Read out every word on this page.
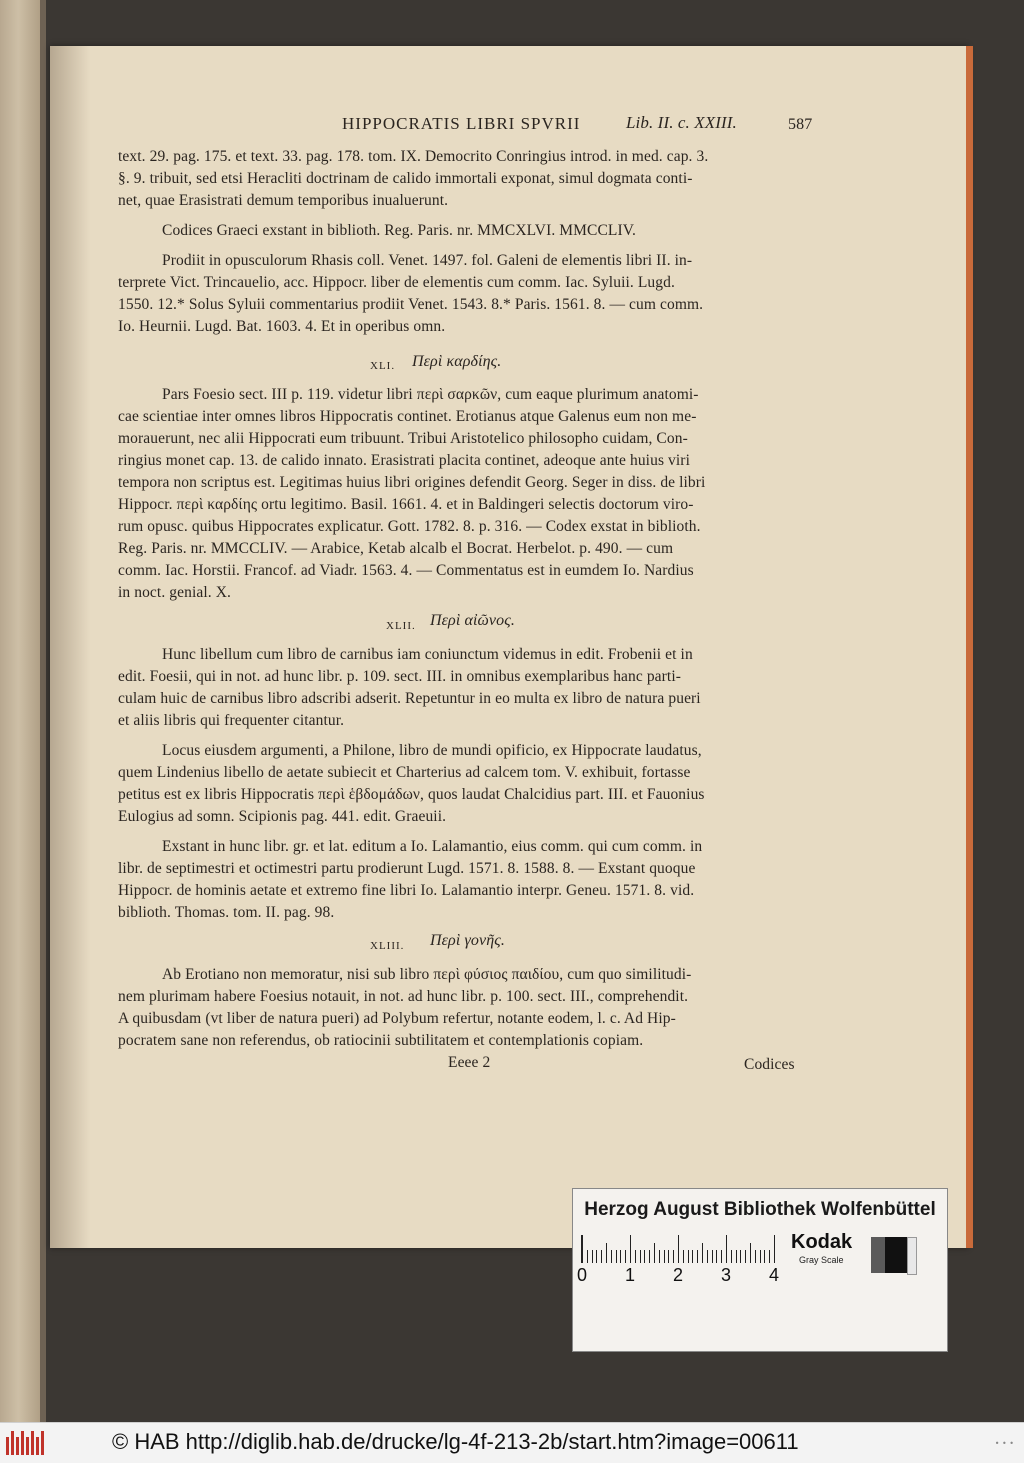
HIPPOCRATIS LIBRI SPVRII	Lib. II. c. XXIII.	587
text. 29. pag. 175. et text. 33. pag. 178. tom. IX. Democrito Conringius introd. in med. cap. 3.
§. 9. tribuit, sed etsi Heracliti doctrinam de calido immortali exponat, simul dogmata conti-
net, quae Erasistrati demum temporibus inualuerunt.
Codices Graeci exstant in biblioth. Reg. Paris. nr. MMCXLVI. MMCCLIV.
Prodiit in opusculorum Rhasis coll. Venet. 1497. fol. Galeni de elementis libri II. in-
terprete Vict. Trincauelio, acc. Hippocr. liber de elementis cum comm. Iac. Syluii. Lugd.
1550. 12.* Solus Syluii commentarius prodiit Venet. 1543. 8.* Paris. 1561. 8. — cum comm.
Io. Heurnii. Lugd. Bat. 1603. 4. Et in operibus omn.
XLI. Περὶ καρδίης.
Pars Foesio sect. III p. 119. videtur libri περὶ σαρκῶν, cum eaque plurimum anatomi-
cae scientiae inter omnes libros Hippocratis continet. Erotianus atque Galenus eum non me-
morauerunt, nec alii Hippocrati eum tribuunt. Tribui Aristotelico philosopho cuidam, Con-
ringius monet cap. 13. de calido innato. Erasistrati placita continet, adeoque ante huius viri
tempora non scriptus est. Legitimas huius libri origines defendit Georg. Seger in diss. de libri
Hippocr. περὶ καρδίης ortu legitimo. Basil. 1661. 4. et in Baldingeri selectis doctorum viro-
rum opusc. quibus Hippocrates explicatur. Gott. 1782. 8. p. 316. — Codex exstat in biblioth.
Reg. Paris. nr. MMCCLIV. — Arabice, Ketab alcalb el Bocrat. Herbelot. p. 490. — cum
comm. Iac. Horstii. Francof. ad Viadr. 1563. 4. — Commentatus est in eumdem Io. Nardius
in noct. genial. X.
XLII. Περὶ αἰῶνος.
Hunc libellum cum libro de carnibus iam coniunctum videmus in edit. Frobenii et in
edit. Foesii, qui in not. ad hunc libr. p. 109. sect. III. in omnibus exemplaribus hanc parti-
culam huic de carnibus libro adscribi adserit. Repetuntur in eo multa ex libro de natura pueri
et aliis libris qui frequenter citantur.
Locus eiusdem argumenti, a Philone, libro de mundi opificio, ex Hippocrate laudatus,
quem Lindenius libello de aetate subiecit et Charterius ad calcem tom. V. exhibuit, fortasse
petitus est ex libris Hippocratis περὶ ἑβδομάδων, quos laudat Chalcidius part. III. et Fauonius
Eulogius ad somn. Scipionis pag. 441. edit. Graeuii.
Exstant in hunc libr. gr. et lat. editum a Io. Lalamantio, eius comm. qui cum comm. in
libr. de septimestri et octimestri partu prodierunt Lugd. 1571. 8. 1588. 8. — Exstant quoque
Hippocr. de hominis aetate et extremo fine libri Io. Lalamantio interpr. Geneu. 1571. 8. vid.
biblioth. Thomas. tom. II. pag. 98.
XLIII. Περὶ γονῆς.
Ab Erotiano non memoratur, nisi sub libro περὶ φύσιος παιδίου, cum quo similitudi-
nem plurimam habere Foesius notauit, in not. ad hunc libr. p. 100. sect. III., comprehendit.
A quibusdam (vt liber de natura pueri) ad Polybum refertur, notante eodem, l. c. Ad Hip-
pocratem sane non referendus, ob ratiocinii subtilitatem et contemplationis copiam.
Eeee 2	Codices
Herzog August Bibliothek Wolfenbüttel
0 1 2 3 4
Kodak
Gray Scale
© HAB http://diglib.hab.de/drucke/lg-4f-213-2b/start.htm?image=00611	• • •
